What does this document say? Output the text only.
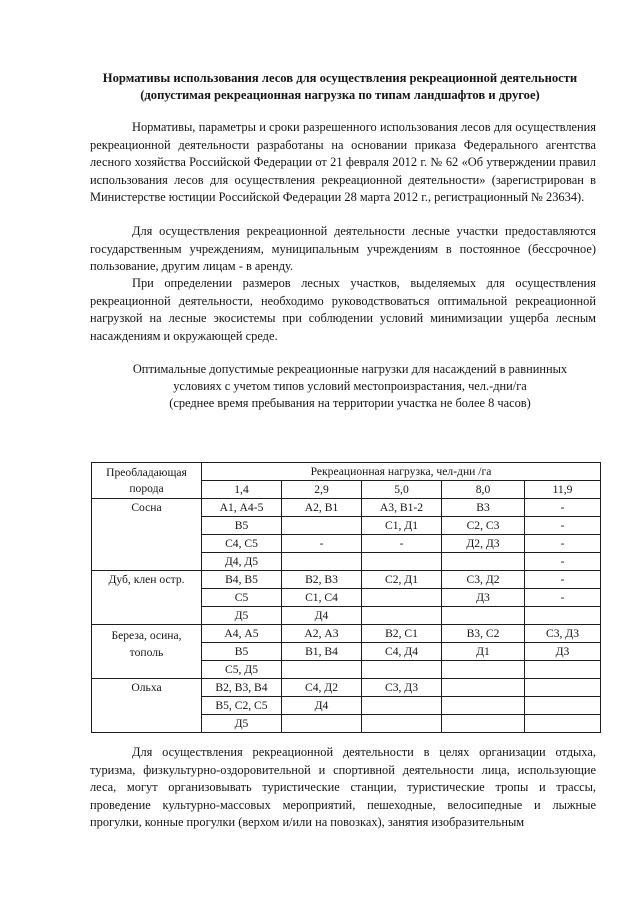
Нормативы использования лесов для осуществления рекреационной деятельности
(допустимая рекреационная нагрузка по типам ландшафтов и другое)

Нормативы, параметры и сроки разрешенного использования лесов для осуществления рекреационной деятельности разработаны на основании приказа Федерального агентства лесного хозяйства Российской Федерации от 21 февраля 2012 г. № 62 «Об утверждении правил использования лесов для осуществления рекреационной деятельности» (зарегистрирован в Министерстве юстиции Российской Федерации 28 марта 2012 г., регистрационный № 23634).

Для осуществления рекреационной деятельности лесные участки предоставляются государственным учреждениям, муниципальным учреждениям в постоянное (бессрочное) пользование, другим лицам - в аренду.

При определении размеров лесных участков, выделяемых для осуществления рекреационной деятельности, необходимо руководствоваться оптимальной рекреационной нагрузкой на лесные экосистемы при соблюдении условий минимизации ущерба лесным насаждениям и окружающей среде.

Оптимальные допустимые рекреационные нагрузки для насаждений в равнинных
условиях с учетом типов условий местопроизрастания, чел.-дни/га
(среднее время пребывания на территории участка не более 8 часов)
Преобладающая порода	Рекреационная нагрузка, чел-дни /га				
	1,4	2,9	5,0	8,0	11,9
Сосна	А1, А4-5	А2, В1	А3, В1-2	В3	-
	В5		С1, Д1	С2, С3	-
	С4, С5	-	-	Д2, Д3	-
	Д4, Д5				-
Дуб, клен остр.	В4, В5	В2, В3	С2, Д1	С3, Д2	-
	С5	С1, С4		Д3	-
	Д5	Д4			
Береза, осина, тополь	А4, А5	А2, А3	В2, С1	В3, С2	С3, Д3
	В5	В1, В4	С4, Д4	Д1	Д3
	С5, Д5				
Ольха	В2, В3, В4	С4, Д2	С3, Д3		
	В5, С2, С5	Д4			
	Д5				

Для осуществления рекреационной деятельности в целях организации отдыха, туризма, физкультурно-оздоровительной и спортивной деятельности лица, использующие леса, могут организовывать туристические станции, туристические тропы и трассы, проведение культурно-массовых мероприятий, пешеходные, велосипедные и лыжные прогулки, конные прогулки (верхом и/или на повозках), занятия изобразительным
